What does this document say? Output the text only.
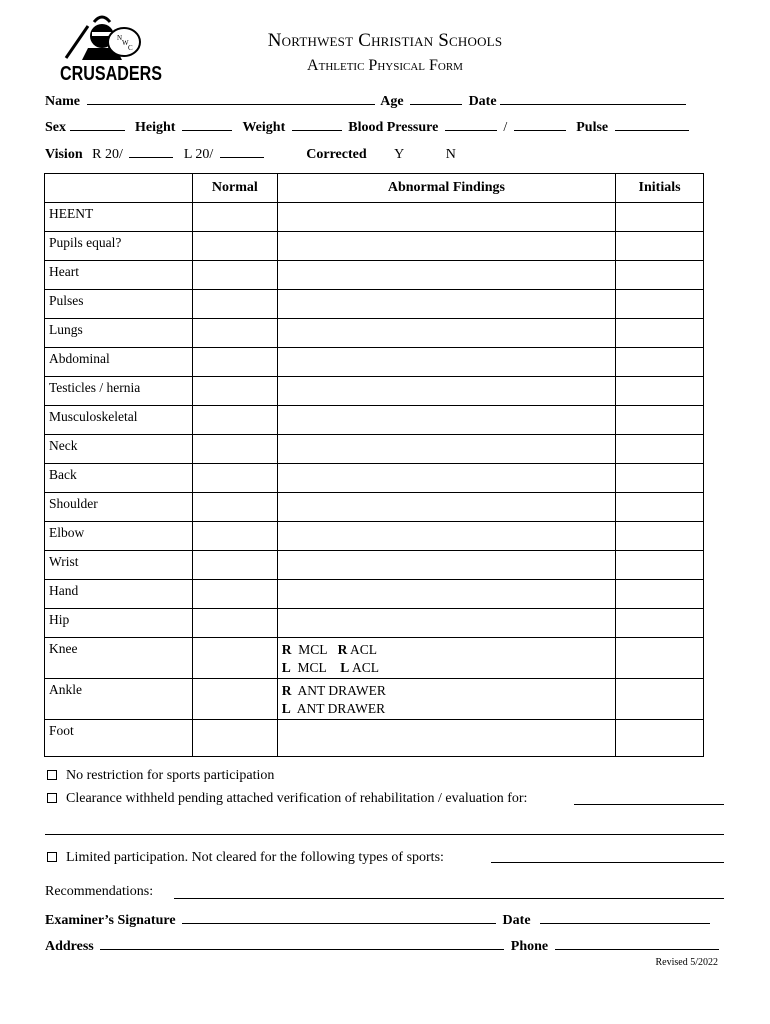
N
W
C
CRUSADERS
Northwest Christian Schools
Athletic Physical Form
Name	Age	Date
Sex	Height	Weight	Blood Pressure	/	Pulse
Vision R 20/	L 20/	Corrected Y	N
	Normal	Abnormal Findings	Initials
HEENT			
Pupils equal?			
Heart			
Pulses			
Lungs			
Abdominal			
Testicles / hernia			
Musculoskeletal			
Neck			
Back			
Shoulder			
Elbow			
Wrist			
Hand			
Hip			
Knee		R MCL R ACL
L MCL L ACL	

Ankle		R ANT DRAWER
L ANT DRAWER	

Foot			
No restriction for sports participation
Clearance withheld pending attached verification of rehabilitation / evaluation for:
Limited participation. Not cleared for the following types of sports:
Recommendations:
Examiner’s Signature	Date
Address	Phone
Revised 5/2022
